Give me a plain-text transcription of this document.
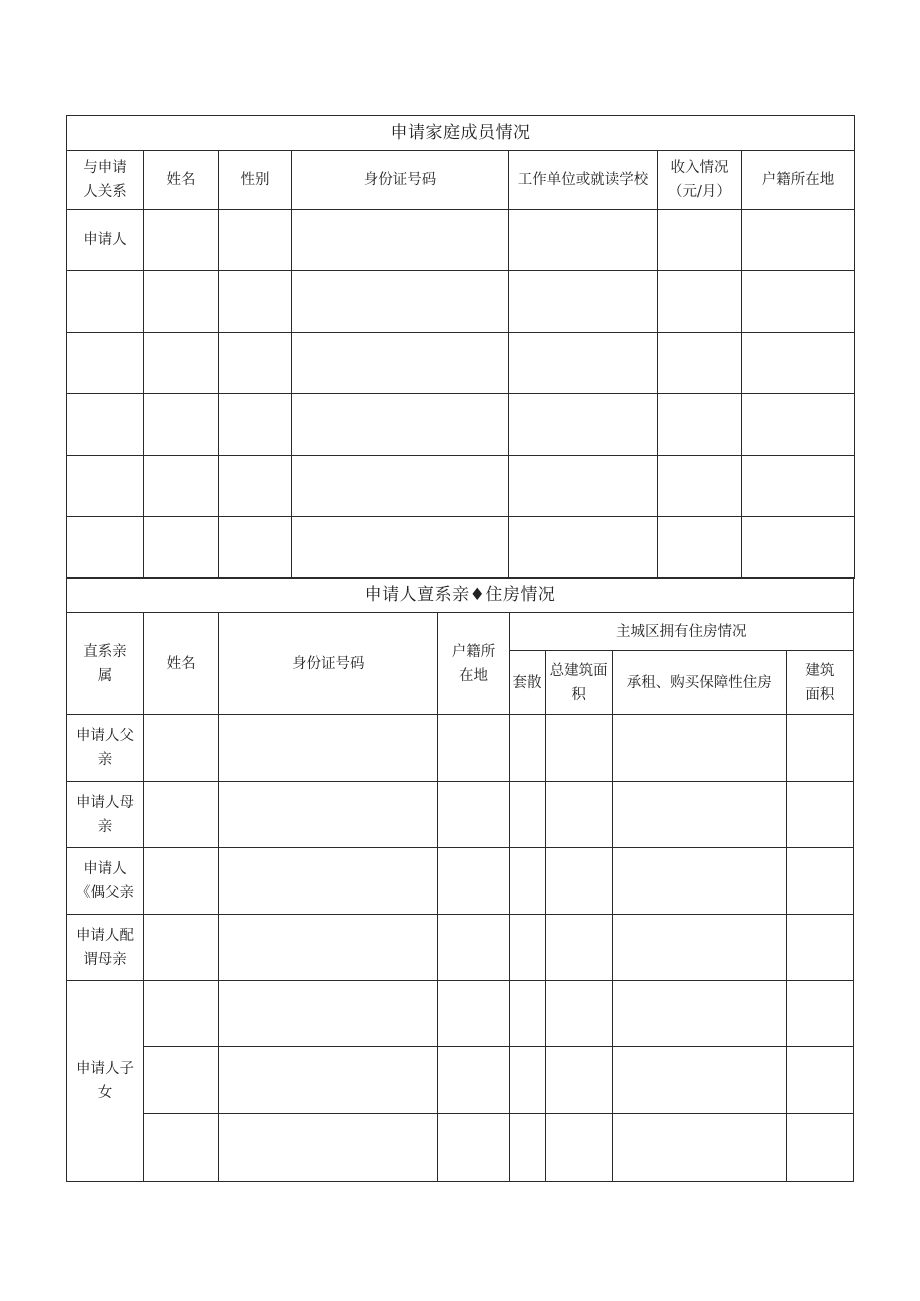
申请家庭成员情况						

与申请人关系	姓名	性别	身份证号码	工作单位或就读学校	收入情况（元/月）	户籍所在地
申请人						

申请人亶系亲♦住房情况							

直系亲属	姓名	身份证号码	户籍所在地	主城区拥有住房情况			
				套散	总建筑面积	承租、购买保障性住房	建筑面积

申请人父亲							

申请人母亲							

申请人《偶父亲							

申请人配谓母亲							

申请人子女							
